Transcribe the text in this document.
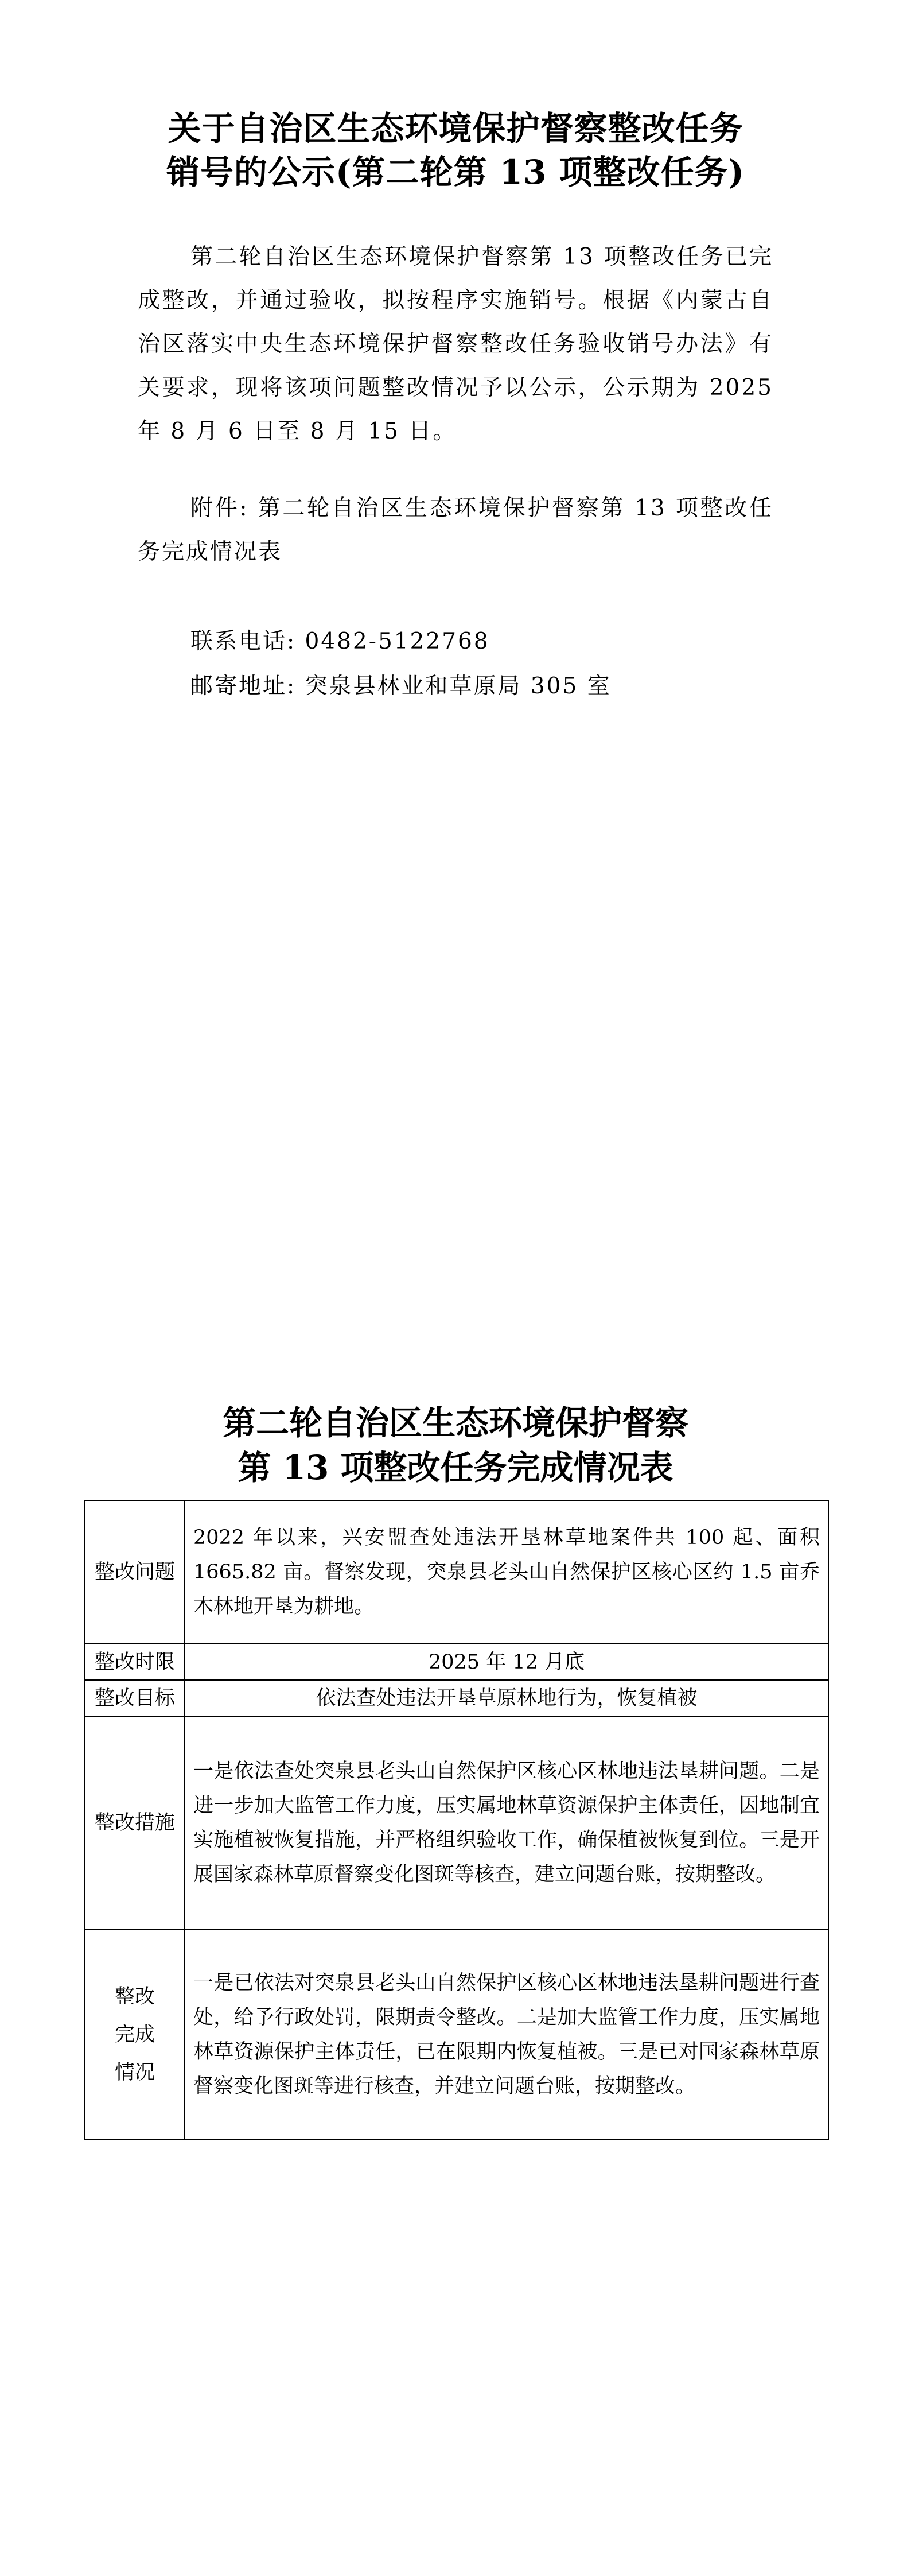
关于自治区生态环境保护督察整改任务
销号的公示(第二轮第 13 项整改任务)

第二轮自治区生态环境保护督察第 13 项整改任务已完成整改，并通过验收，拟按程序实施销号。根据《内蒙古自治区落实中央生态环境保护督察整改任务验收销号办法》有关要求，现将该项问题整改情况予以公示，公示期为 2025 年 8 月 6 日至 8 月 15 日。

附件: 第二轮自治区生态环境保护督察第 13 项整改任务完成情况表

联系电话: 0482-5122768
邮寄地址: 突泉县林业和草原局 305 室
第二轮自治区生态环境保护督察
第 13 项整改任务完成情况表
整改问题	2022 年以来，兴安盟查处违法开垦林草地案件共 100 起、面积 1665.82 亩。督察发现，突泉县老头山自然保护区核心区约 1.5 亩乔木林地开垦为耕地。
整改时限	2025 年 12 月底
整改目标	依法查处违法开垦草原林地行为，恢复植被
整改措施	一是依法查处突泉县老头山自然保护区核心区林地违法垦耕问题。二是进一步加大监管工作力度，压实属地林草资源保护主体责任，因地制宜实施植被恢复措施，并严格组织验收工作，确保植被恢复到位。三是开展国家森林草原督察变化图斑等核查，建立问题台账，按期整改。

整改
完成
情况	一是已依法对突泉县老头山自然保护区核心区林地违法垦耕问题进行查处，给予行政处罚，限期责令整改。二是加大监管工作力度，压实属地林草资源保护主体责任，已在限期内恢复植被。三是已对国家森林草原督察变化图斑等进行核查，并建立问题台账，按期整改。
